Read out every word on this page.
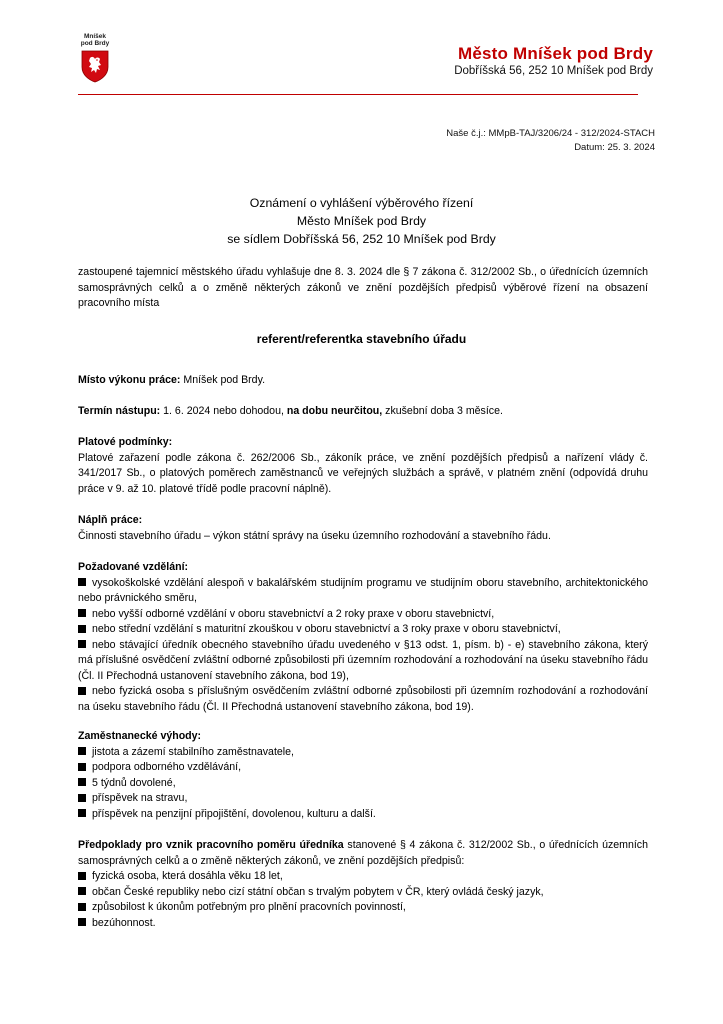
Mníšek
pod Brdy
Město Mníšek pod Brdy
Dobříšská 56, 252 10 Mníšek pod Brdy
Naše č.j.: MMpB-TAJ/3206/24 - 312/2024-STACH
Datum: 25. 3. 2024
Oznámení o vyhlášení výběrového řízení
Město Mníšek pod Brdy
se sídlem Dobříšská 56, 252 10 Mníšek pod Brdy
zastoupené tajemnicí městského úřadu vyhlašuje dne 8. 3. 2024 dle § 7 zákona č. 312/2002 Sb., o úřednících územních samosprávných celků a o změně některých zákonů ve znění pozdějších předpisů výběrové řízení na obsazení pracovního místa
referent/referentka stavebního úřadu
Místo výkonu práce: Mníšek pod Brdy.
Termín nástupu: 1. 6. 2024 nebo dohodou, na dobu neurčitou, zkušební doba 3 měsíce.
Platové podmínky:
Platové zařazení podle zákona č. 262/2006 Sb., zákoník práce, ve znění pozdějších předpisů a nařízení vlády č. 341/2017 Sb., o platových poměrech zaměstnanců ve veřejných službách a správě, v platném znění (odpovídá druhu práce v 9. až 10. platové třídě podle pracovní náplně).
Náplň práce:
Činnosti stavebního úřadu – výkon státní správy na úseku územního rozhodování a stavebního řádu.
Požadované vzdělání:
vysokoškolské vzdělání alespoň v bakalářském studijním programu ve studijním oboru stavebního, architektonického nebo právnického směru,
nebo vyšší odborné vzdělání v oboru stavebnictví a 2 roky praxe v oboru stavebnictví,
nebo střední vzdělání s maturitní zkouškou v oboru stavebnictví a 3 roky praxe v oboru stavebnictví,
nebo stávající úředník obecného stavebního úřadu uvedeného v §13 odst. 1, písm. b) - e) stavebního zákona, který má příslušné osvědčení zvláštní odborné způsobilosti při územním rozhodování a rozhodování na úseku stavebního řádu (Čl. II Přechodná ustanovení stavebního zákona, bod 19),
nebo fyzická osoba s příslušným osvědčením zvláštní odborné způsobilosti při územním rozhodování a rozhodování na úseku stavebního řádu (Čl. II Přechodná ustanovení stavebního zákona, bod 19).
Zaměstnanecké výhody:
jistota a zázemí stabilního zaměstnavatele,
podpora odborného vzdělávání,
5 týdnů dovolené,
příspěvek na stravu,
příspěvek na penzijní připojištění, dovolenou, kulturu a další.
Předpoklady pro vznik pracovního poměru úředníka stanovené § 4 zákona č. 312/2002 Sb., o úřednících územních samosprávných celků a o změně některých zákonů, ve znění pozdějších předpisů:
fyzická osoba, která dosáhla věku 18 let,
občan České republiky nebo cizí státní občan s trvalým pobytem v ČR, který ovládá český jazyk,
způsobilost k úkonům potřebným pro plnění pracovních povinností,
bezúhonnost.
